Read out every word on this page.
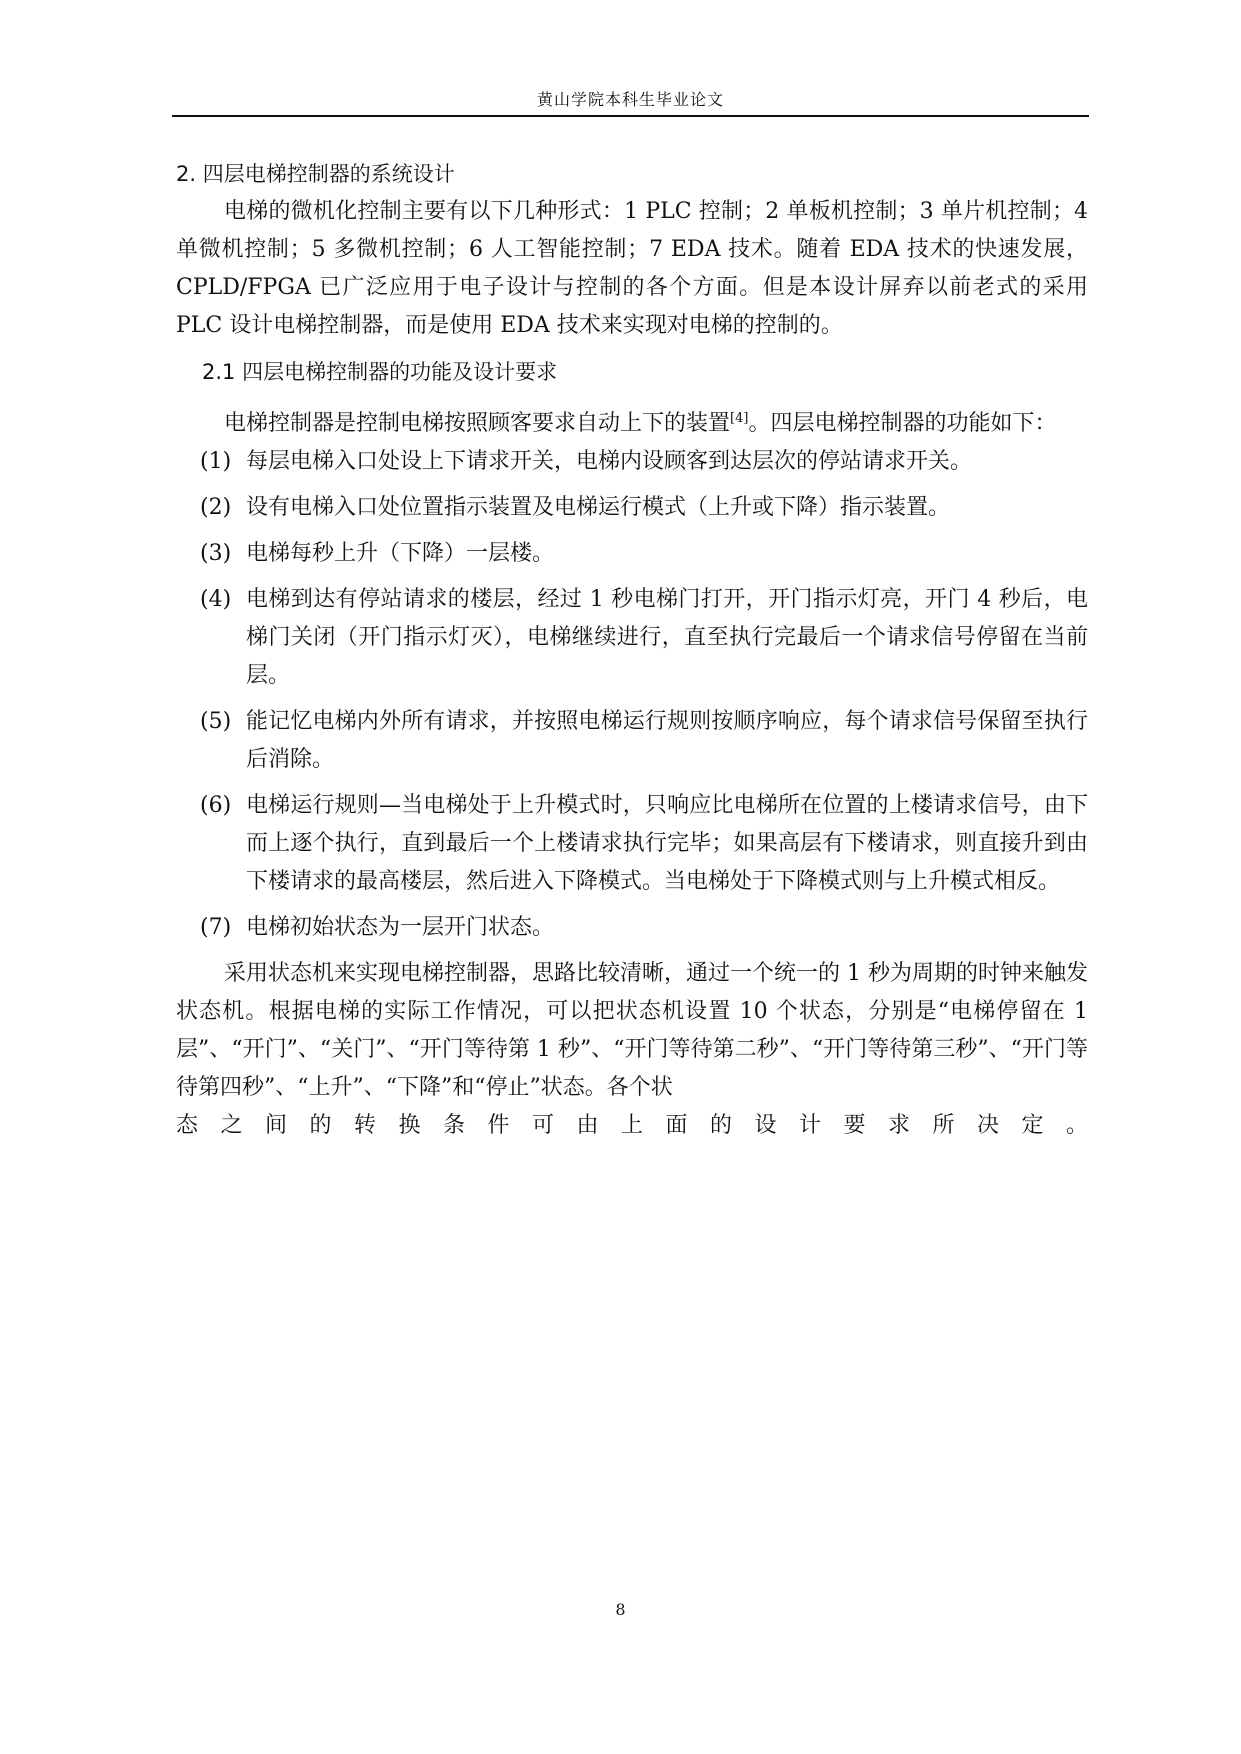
黄山学院本科生毕业论文

2. 四层电梯控制器的系统设计

电梯的微机化控制主要有以下几种形式：1 PLC 控制；2 单板机控制；3 单片机控制；4 单微机控制；5 多微机控制；6 人工智能控制；7 EDA 技术。随着 EDA 技术的快速发展，CPLD/FPGA 已广泛应用于电子设计与控制的各个方面。但是本设计屏弃以前老式的采用 PLC 设计电梯控制器，而是使用 EDA 技术来实现对电梯的控制的。

2.1 四层电梯控制器的功能及设计要求

电梯控制器是控制电梯按照顾客要求自动上下的装置[4]。四层电梯控制器的功能如下：

(1) 每层电梯入口处设上下请求开关，电梯内设顾客到达层次的停站请求开关。
(2) 设有电梯入口处位置指示装置及电梯运行模式（上升或下降）指示装置。
(3) 电梯每秒上升（下降）一层楼。
(4) 电梯到达有停站请求的楼层，经过 1 秒电梯门打开，开门指示灯亮，开门 4 秒后，电梯门关闭（开门指示灯灭），电梯继续进行，直至执行完最后一个请求信号停留在当前层。
(5) 能记忆电梯内外所有请求，并按照电梯运行规则按顺序响应，每个请求信号保留至执行后消除。
(6) 电梯运行规则—当电梯处于上升模式时，只响应比电梯所在位置的上楼请求信号，由下而上逐个执行，直到最后一个上楼请求执行完毕；如果高层有下楼请求，则直接升到由下楼请求的最高楼层，然后进入下降模式。当电梯处于下降模式则与上升模式相反。
(7) 电梯初始状态为一层开门状态。

采用状态机来实现电梯控制器，思路比较清晰，通过一个统一的 1 秒为周期的时钟来触发状态机。根据电梯的实际工作情况，可以把状态机设置 10 个状态，分别是“电梯停留在 1 层”、“开门”、“关门”、“开门等待第 1 秒”、“开门等待第二秒”、“开门等待第三秒”、“开门等待第四秒”、“上升”、“下降”和“停止”状态。各个状

态之间的转换条件可由上面的设计要求所决定。

8
